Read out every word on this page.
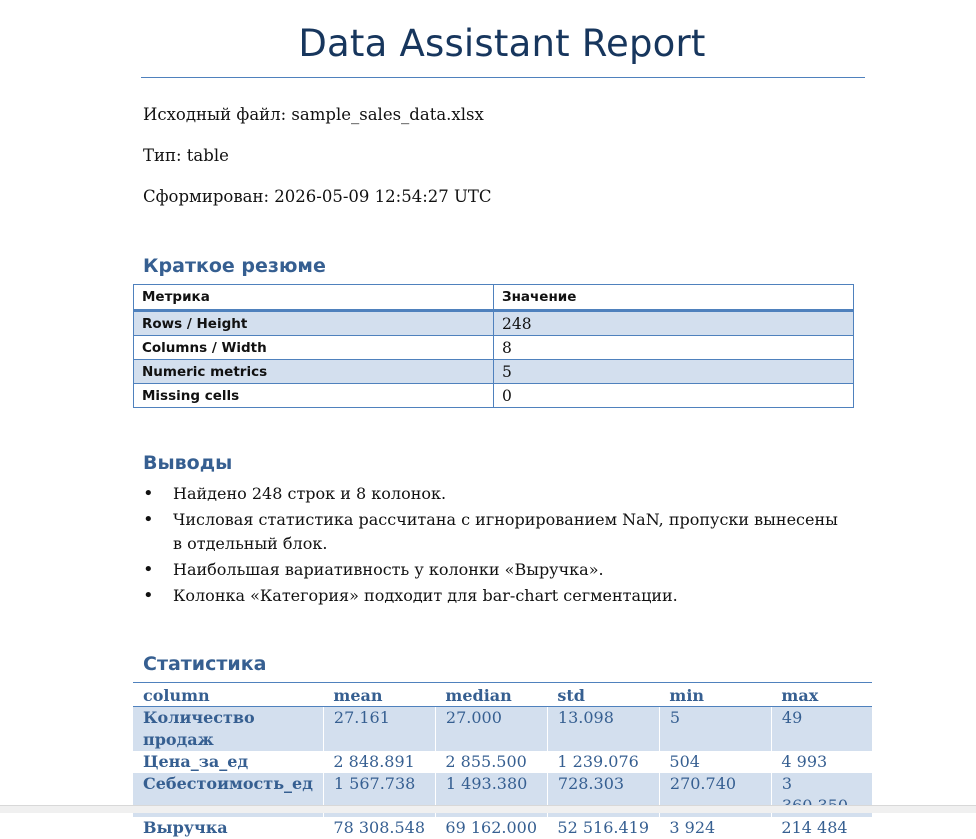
Data Assistant Report
Исходный файл: sample_sales_data.xlsx
Тип: table
Сформирован: 2026-05-09 12:54:27 UTC
Краткое резюме
Метрика	Значение
Rows / Height	248
Columns / Width	8
Numeric metrics	5
Missing cells	0
Выводы
• Найдено 248 строк и 8 колонок.
• Числовая статистика рассчитана с игнорированием NaN, пропуски вынесены в отдельный блок.
• Наибольшая вариативность у колонки «Выручка».
• Колонка «Категория» подходит для bar-chart сегментации.
Статистика
column	mean	median	std	min	max
Количество продаж	27.161	27.000	13.098	5	49
Цена_за_ед	2 848.891	2 855.500	1 239.076	504	4 993
Себестоимость_ед	1 567.738	1 493.380	728.303	270.740	3
Выручка	78 308.548	69 162.000	52 516.419	3 924	214 484
